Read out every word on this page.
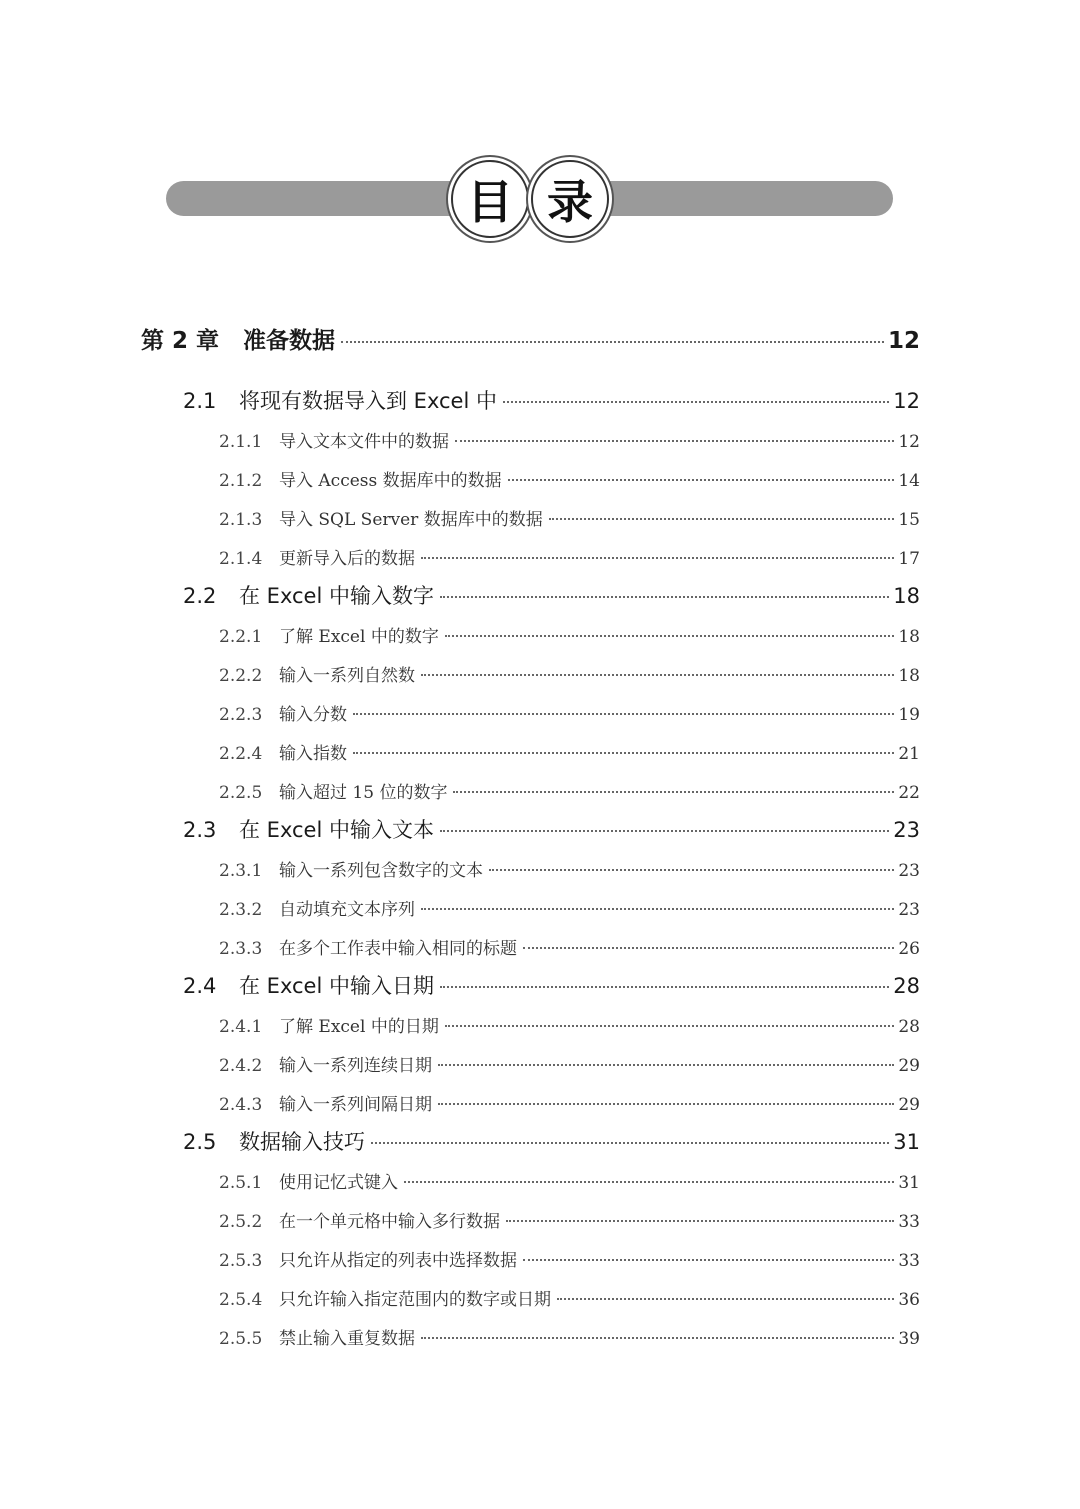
目 录
第 2 章 准备数据	12
2.1	将现有数据导入到 Excel 中	12
2.1.1 导入文本文件中的数据	12
2.1.2 导入 Access 数据库中的数据	14
2.1.3 导入 SQL Server 数据库中的数据	15
2.1.4 更新导入后的数据	17
2.2	在 Excel 中输入数字	18
2.2.1 了解 Excel 中的数字	18
2.2.2 输入一系列自然数	18
2.2.3 输入分数	19
2.2.4 输入指数	21
2.2.5 输入超过 15 位的数字	22
2.3	在 Excel 中输入文本	23
2.3.1 输入一系列包含数字的文本	23
2.3.2 自动填充文本序列	23
2.3.3 在多个工作表中输入相同的标题	26
2.4	在 Excel 中输入日期	28
2.4.1 了解 Excel 中的日期	28
2.4.2 输入一系列连续日期	29
2.4.3 输入一系列间隔日期	29
2.5	数据输入技巧	31
2.5.1 使用记忆式键入	31
2.5.2 在一个单元格中输入多行数据	33
2.5.3 只允许从指定的列表中选择数据	33
2.5.4 只允许输入指定范围内的数字或日期	36
2.5.5 禁止输入重复数据	39
